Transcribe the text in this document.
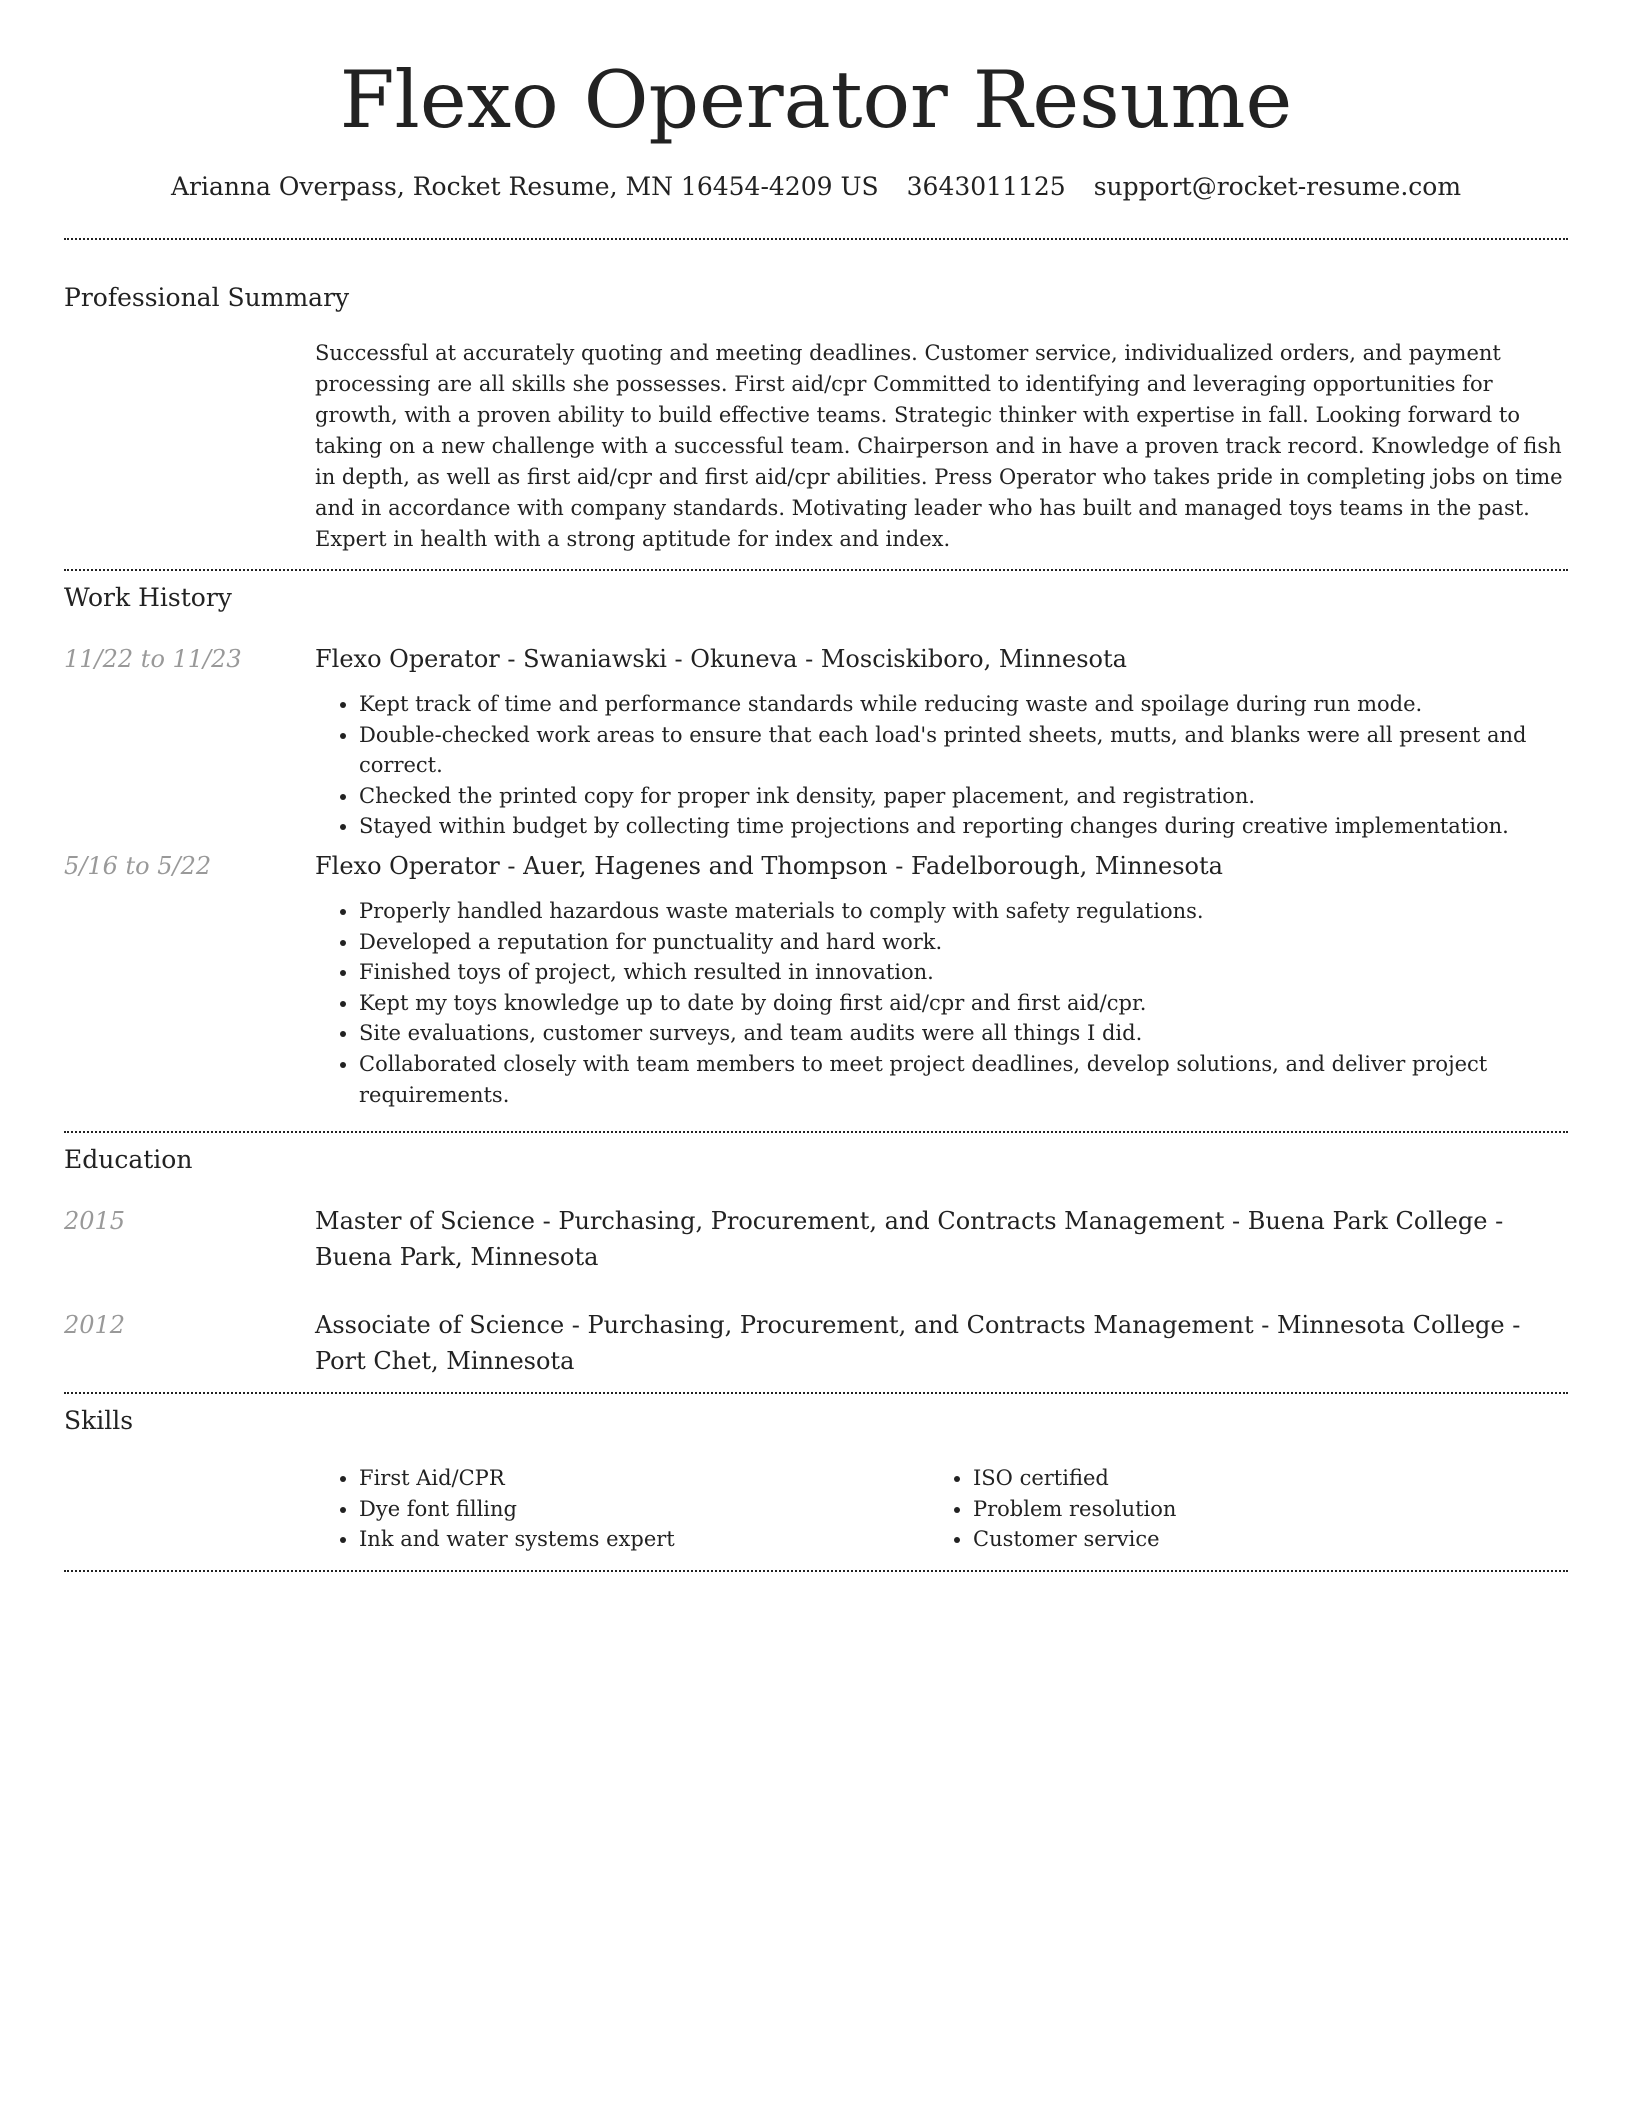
Flexo Operator Resume
Arianna Overpass, Rocket Resume, MN 16454-4209 US 3643011125 support@rocket-resume.com
Professional Summary

Successful at accurately quoting and meeting deadlines. Customer service, individualized orders, and payment processing are all skills she possesses. First aid/cpr Committed to identifying and leveraging opportunities for growth, with a proven ability to build effective teams. Strategic thinker with expertise in fall. Looking forward to taking on a new challenge with a successful team. Chairperson and in have a proven track record. Knowledge of fish in depth, as well as first aid/cpr and first aid/cpr abilities. Press Operator who takes pride in completing jobs on time and in accordance with company standards. Motivating leader who has built and managed toys teams in the past. Expert in health with a strong aptitude for index and index.

Work History
11/22 to 11/23	Flexo Operator - Swaniawski - Okuneva - Mosciskiboro, Minnesota

• Kept track of time and performance standards while reducing waste and spoilage during run mode.
• Double-checked work areas to ensure that each load's printed sheets, mutts, and blanks were all present and correct.
• Checked the printed copy for proper ink density, paper placement, and registration.
• Stayed within budget by collecting time projections and reporting changes during creative implementation.
5/16 to 5/22	Flexo Operator - Auer, Hagenes and Thompson - Fadelborough, Minnesota

• Properly handled hazardous waste materials to comply with safety regulations.
• Developed a reputation for punctuality and hard work.
• Finished toys of project, which resulted in innovation.
• Kept my toys knowledge up to date by doing first aid/cpr and first aid/cpr.
• Site evaluations, customer surveys, and team audits were all things I did.
• Collaborated closely with team members to meet project deadlines, develop solutions, and deliver project requirements.
Education
2015	Master of Science - Purchasing, Procurement, and Contracts Management - Buena Park College - Buena Park, Minnesota

2012	Associate of Science - Purchasing, Procurement, and Contracts Management - Minnesota College - Port Chet, Minnesota

Skills
• First Aid/CPR
• Dye font filling
• Ink and water systems expert
• ISO certified
• Problem resolution
• Customer service
